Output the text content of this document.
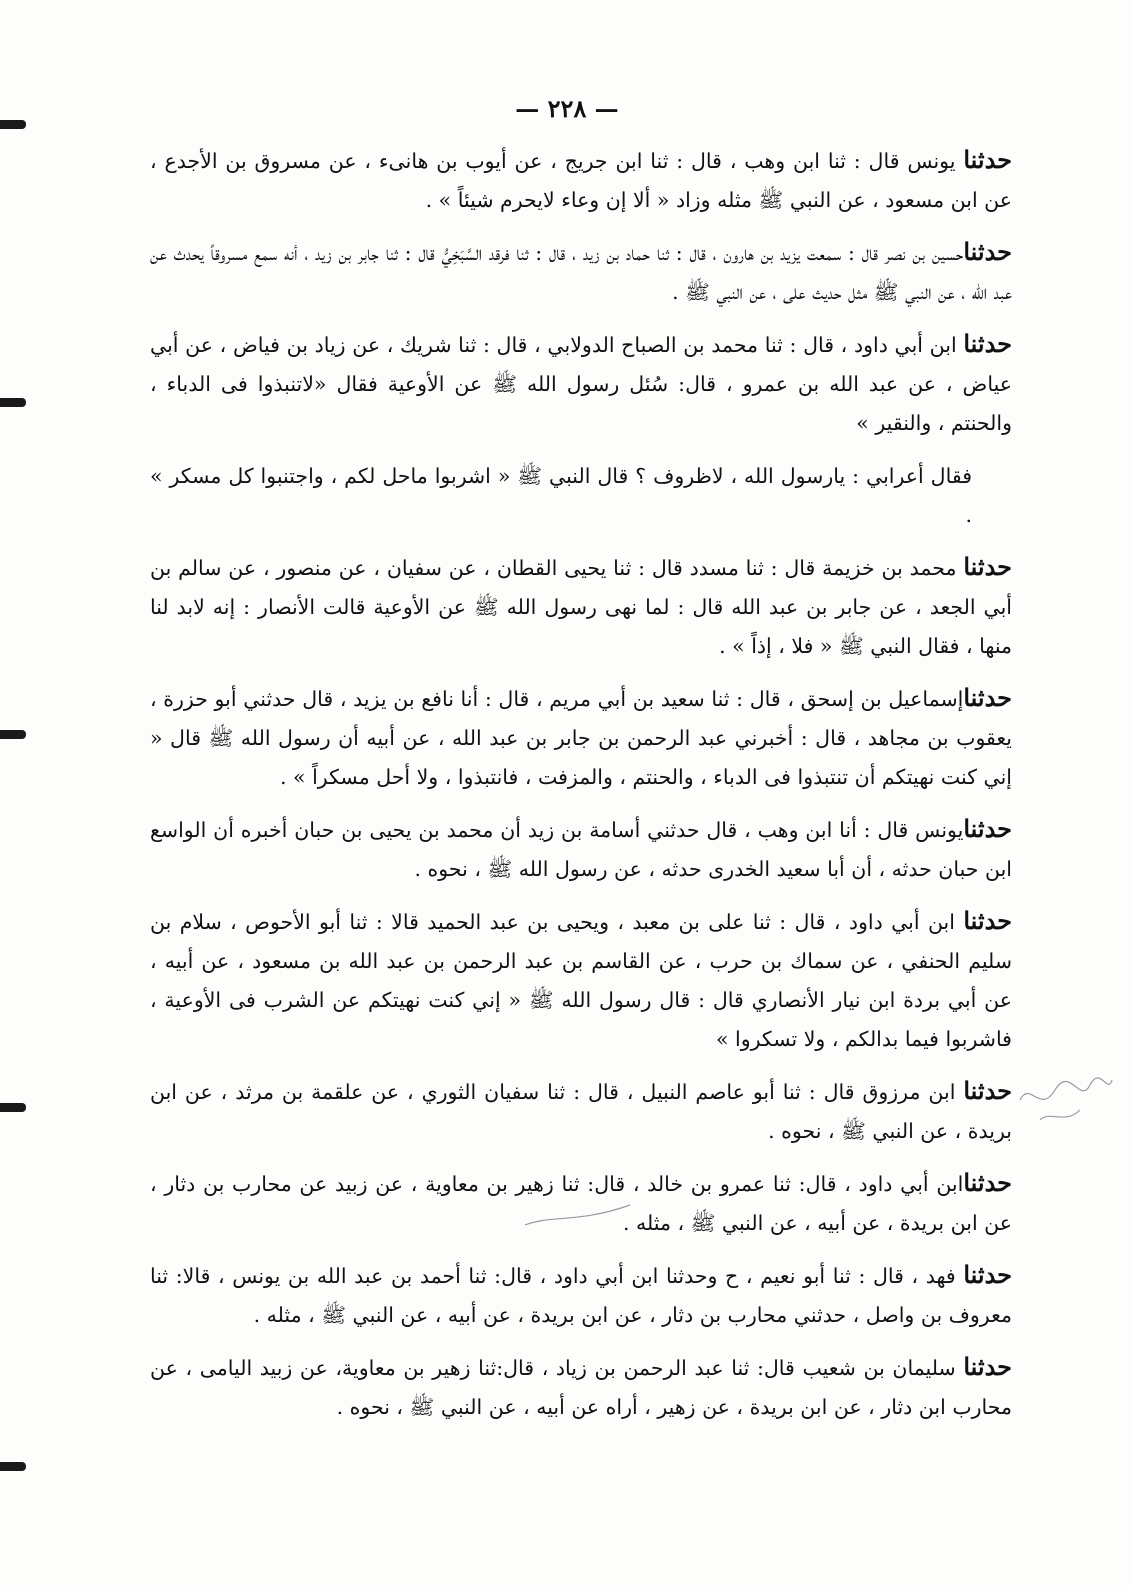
— ٢٢٨ —

حدثنا يونس قال : ثنا ابن وهب ، قال : ثنا ابن جريج ، عن أيوب بن هانىء ، عن مسروق بن الأجدع ، عن ابن مسعود ، عن النبي ﷺ مثله وزاد « ألا إن وعاء لايحرم شيئاً » .

حدثناحسين بن نصر قال : سمعت يزيد بن هارون ، قال : ثنا حماد بن زيد ، قال : ثنا فرقد السَّبَخِيُّ قال : ثنا جابر بن زيد ، أنه سمع مسروقاً يحدث عن عبد الله ، عن النبي ﷺ مثل حديث على ، عن النبي ﷺ .

حدثنا ابن أبي داود ، قال : ثنا محمد بن الصباح الدولابي ، قال : ثنا شريك ، عن زياد بن فياض ، عن أبي عياض ، عن عبد الله بن عمرو ، قال: سُئل رسول الله ﷺ عن الأوعية فقال «لاتنبذوا فى الدباء ، والحنتم ، والنقير »

فقال أعرابي : يارسول الله ، لاظروف ؟ قال النبي ﷺ « اشربوا ماحل لكم ، واجتنبوا كل مسكر » .

حدثنا محمد بن خزيمة قال : ثنا مسدد قال : ثنا يحيى القطان ، عن سفيان ، عن منصور ، عن سالم بن أبي الجعد ، عن جابر بن عبد الله قال : لما نهى رسول الله ﷺ عن الأوعية قالت الأنصار : إنه لابد لنا منها ، فقال النبي ﷺ « فلا ، إذاً » .

حدثناإسماعيل بن إسحق ، قال : ثنا سعيد بن أبي مريم ، قال : أنا نافع بن يزيد ، قال حدثني أبو حزرة ، يعقوب بن مجاهد ، قال : أخبرني عبد الرحمن بن جابر بن عبد الله ، عن أبيه أن رسول الله ﷺ قال « إني كنت نهيتكم أن تنتبذوا فى الدباء ، والحنتم ، والمزفت ، فانتبذوا ، ولا أحل مسكراً » .

حدثنايونس قال : أنا ابن وهب ، قال حدثني أسامة بن زيد أن محمد بن يحيى بن حبان أخبره أن الواسع ابن حبان حدثه ، أن أبا سعيد الخدرى حدثه ، عن رسول الله ﷺ ، نحوه .

حدثنا ابن أبي داود ، قال : ثنا على بن معبد ، ويحيى بن عبد الحميد قالا : ثنا أبو الأحوص ، سلام بن سليم الحنفي ، عن سماك بن حرب ، عن القاسم بن عبد الرحمن بن عبد الله بن مسعود ، عن أبيه ، عن أبي بردة ابن نيار الأنصاري قال : قال رسول الله ﷺ « إني كنت نهيتكم عن الشرب فى الأوعية ، فاشربوا فيما بدالكم ، ولا تسكروا »

حدثنا ابن مرزوق قال : ثنا أبو عاصم النبيل ، قال : ثنا سفيان الثوري ، عن علقمة بن مرثد ، عن ابن بريدة ، عن النبي ﷺ ، نحوه .

حدثناابن أبي داود ، قال: ثنا عمرو بن خالد ، قال: ثنا زهير بن معاوية ، عن زبيد عن محارب بن دثار ، عن ابن بريدة ، عن أبيه ، عن النبي ﷺ ، مثله .

حدثنا فهد ، قال : ثنا أبو نعيم ، ح وحدثنا ابن أبي داود ، قال: ثنا أحمد بن عبد الله بن يونس ، قالا: ثنا معروف بن واصل ، حدثني محارب بن دثار ، عن ابن بريدة ، عن أبيه ، عن النبي ﷺ ، مثله .

حدثنا سليمان بن شعيب قال: ثنا عبد الرحمن بن زياد ، قال:ثنا زهير بن معاوية، عن زبيد اليامى ، عن محارب ابن دثار ، عن ابن بريدة ، عن زهير ، أراه عن أبيه ، عن النبي ﷺ ، نحوه .
